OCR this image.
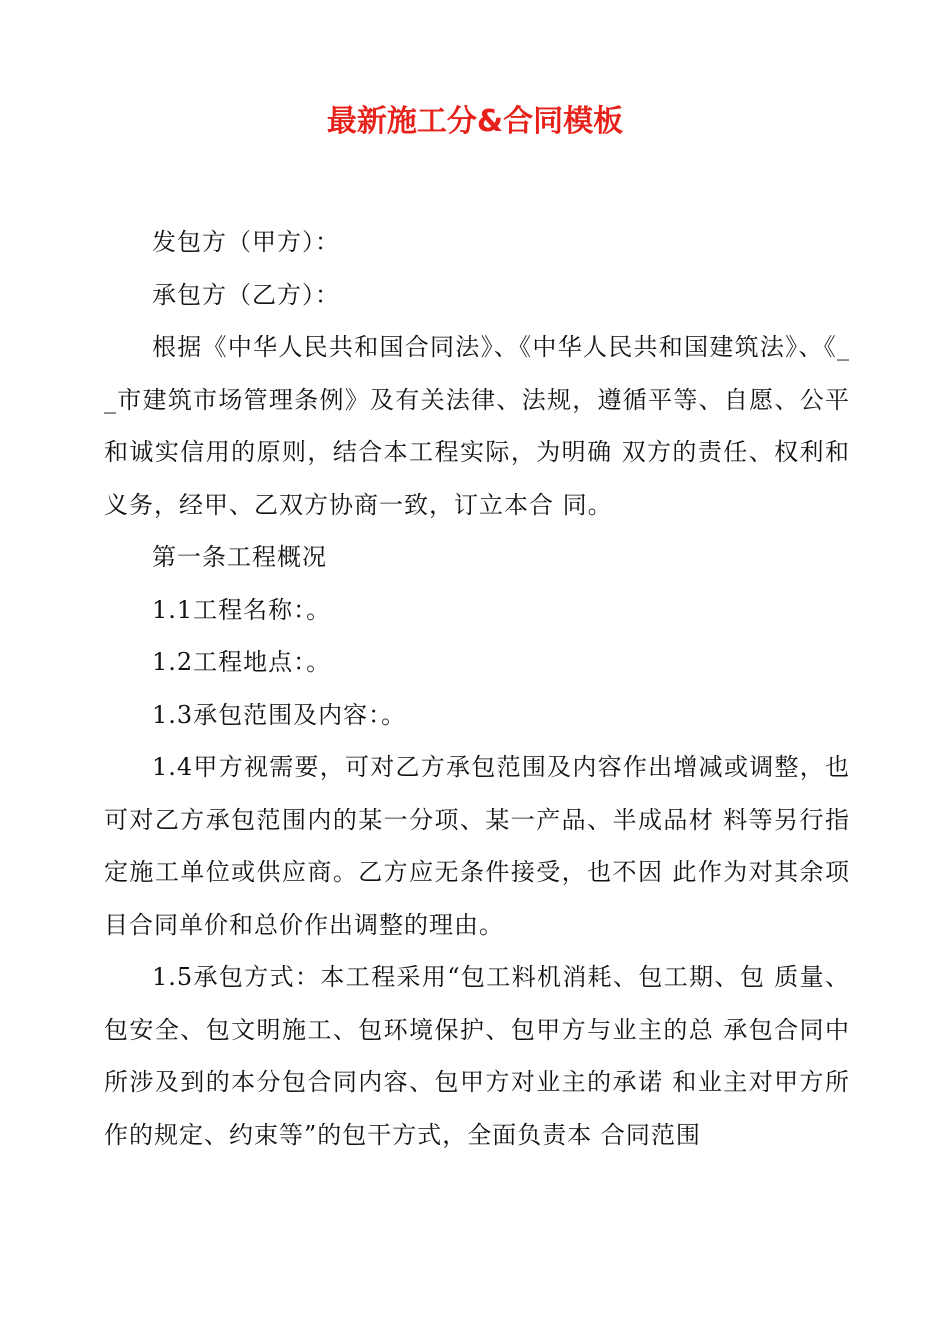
最新施工分&合同模板

发包方（甲方）：

承包方（乙方）：

根据《中华人民共和国合同法》、《中华人民共和国建筑法》、《__市建筑市场管理条例》及有关法律、法规，遵循平等、自愿、公平和诚实信用的原则，结合本工程实际，为明确 双方的责任、权利和义务，经甲、乙双方协商一致，订立本合 同。

第一条工程概况

1.1工程名称：。

1.2工程地点：。

1.3承包范围及内容：。

1.4甲方视需要，可对乙方承包范围及内容作出增减或调整，也可对乙方承包范围内的某一分项、某一产品、半成品材 料等另行指定施工单位或供应商。乙方应无条件接受，也不因 此作为对其余项目合同单价和总价作出调整的理由。

1.5承包方式：本工程采用“包工料机消耗、包工期、包 质量、包安全、包文明施工、包环境保护、包甲方与业主的总 承包合同中所涉及到的本分包合同内容、包甲方对业主的承诺 和业主对甲方所作的规定、约束等”的包干方式，全面负责本 合同范围
